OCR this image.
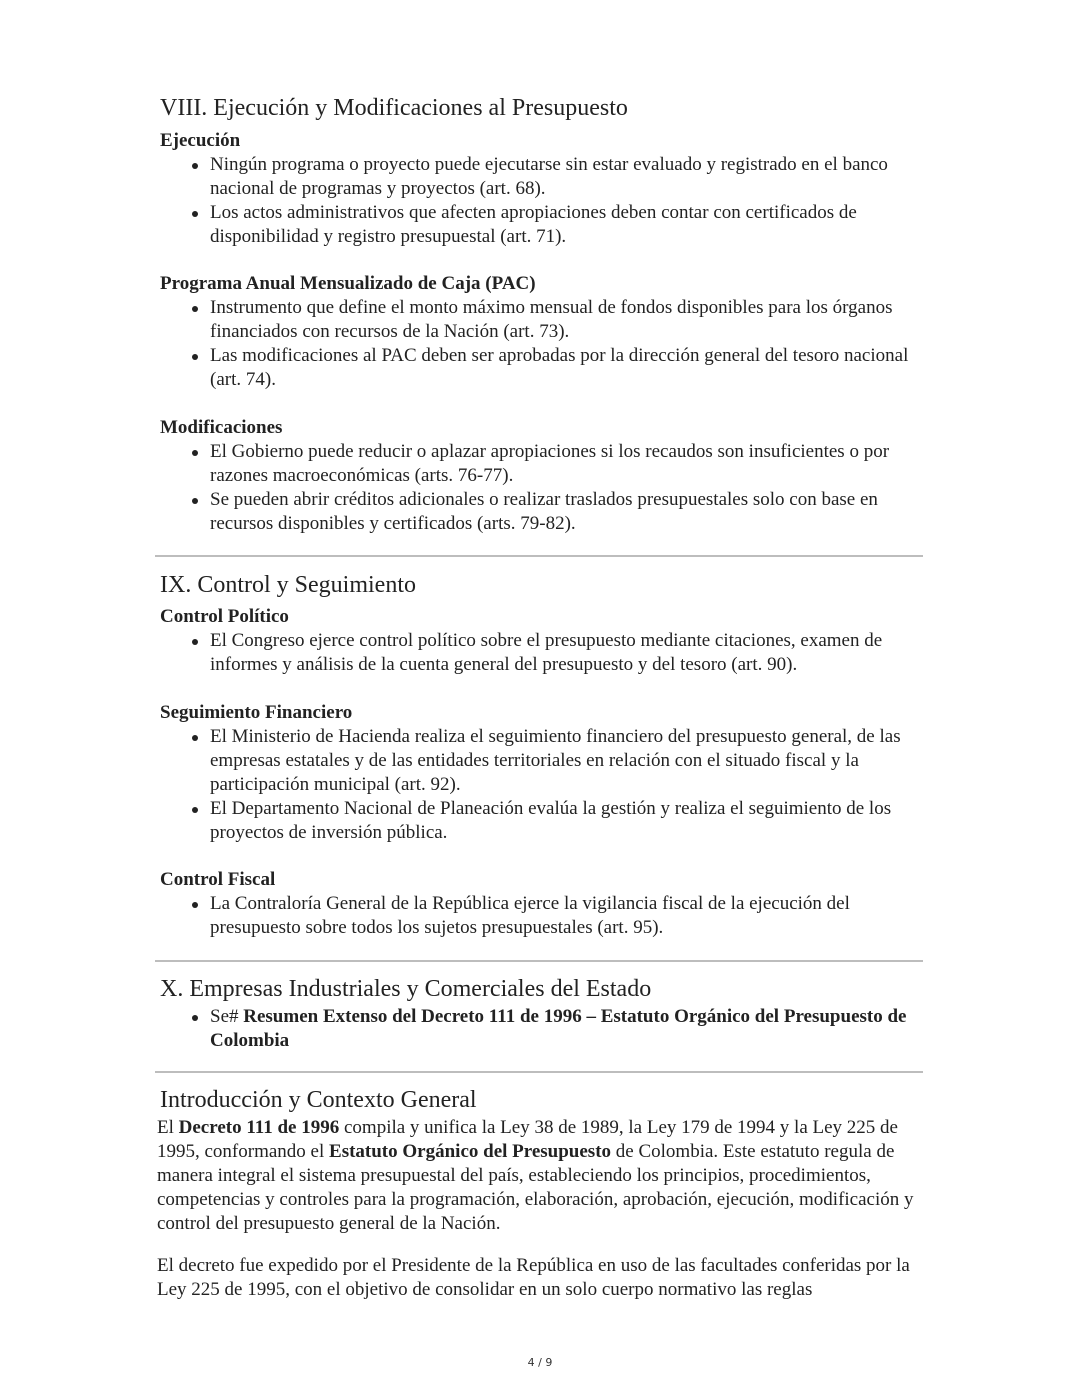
VIII. Ejecución y Modificaciones al Presupuesto
Ejecución
Ningún programa o proyecto puede ejecutarse sin estar evaluado y registrado en el banco nacional de programas y proyectos (art. 68).
Los actos administrativos que afecten apropiaciones deben contar con certificados de disponibilidad y registro presupuestal (art. 71).
Programa Anual Mensualizado de Caja (PAC)
Instrumento que define el monto máximo mensual de fondos disponibles para los órganos financiados con recursos de la Nación (art. 73).
Las modificaciones al PAC deben ser aprobadas por la dirección general del tesoro nacional (art. 74).
Modificaciones
El Gobierno puede reducir o aplazar apropiaciones si los recaudos son insuficientes o por razones macroeconómicas (arts. 76-77).
Se pueden abrir créditos adicionales o realizar traslados presupuestales solo con base en recursos disponibles y certificados (arts. 79-82).
IX. Control y Seguimiento
Control Político
El Congreso ejerce control político sobre el presupuesto mediante citaciones, examen de informes y análisis de la cuenta general del presupuesto y del tesoro (art. 90).
Seguimiento Financiero
El Ministerio de Hacienda realiza el seguimiento financiero del presupuesto general, de las empresas estatales y de las entidades territoriales en relación con el situado fiscal y la participación municipal (art. 92).
El Departamento Nacional de Planeación evalúa la gestión y realiza el seguimiento de los proyectos de inversión pública.
Control Fiscal
La Contraloría General de la República ejerce la vigilancia fiscal de la ejecución del presupuesto sobre todos los sujetos presupuestales (art. 95).
X. Empresas Industriales y Comerciales del Estado
Se# Resumen Extenso del Decreto 111 de 1996 – Estatuto Orgánico del Presupuesto de Colombia
Introducción y Contexto General

El Decreto 111 de 1996 compila y unifica la Ley 38 de 1989, la Ley 179 de 1994 y la Ley 225 de 1995, conformando el Estatuto Orgánico del Presupuesto de Colombia. Este estatuto regula de manera integral el sistema presupuestal del país, estableciendo los principios, procedimientos, competencias y controles para la programación, elaboración, aprobación, ejecución, modificación y control del presupuesto general de la Nación.

El decreto fue expedido por el Presidente de la República en uso de las facultades conferidas por la Ley 225 de 1995, con el objetivo de consolidar en un solo cuerpo normativo las reglas

4 / 9
